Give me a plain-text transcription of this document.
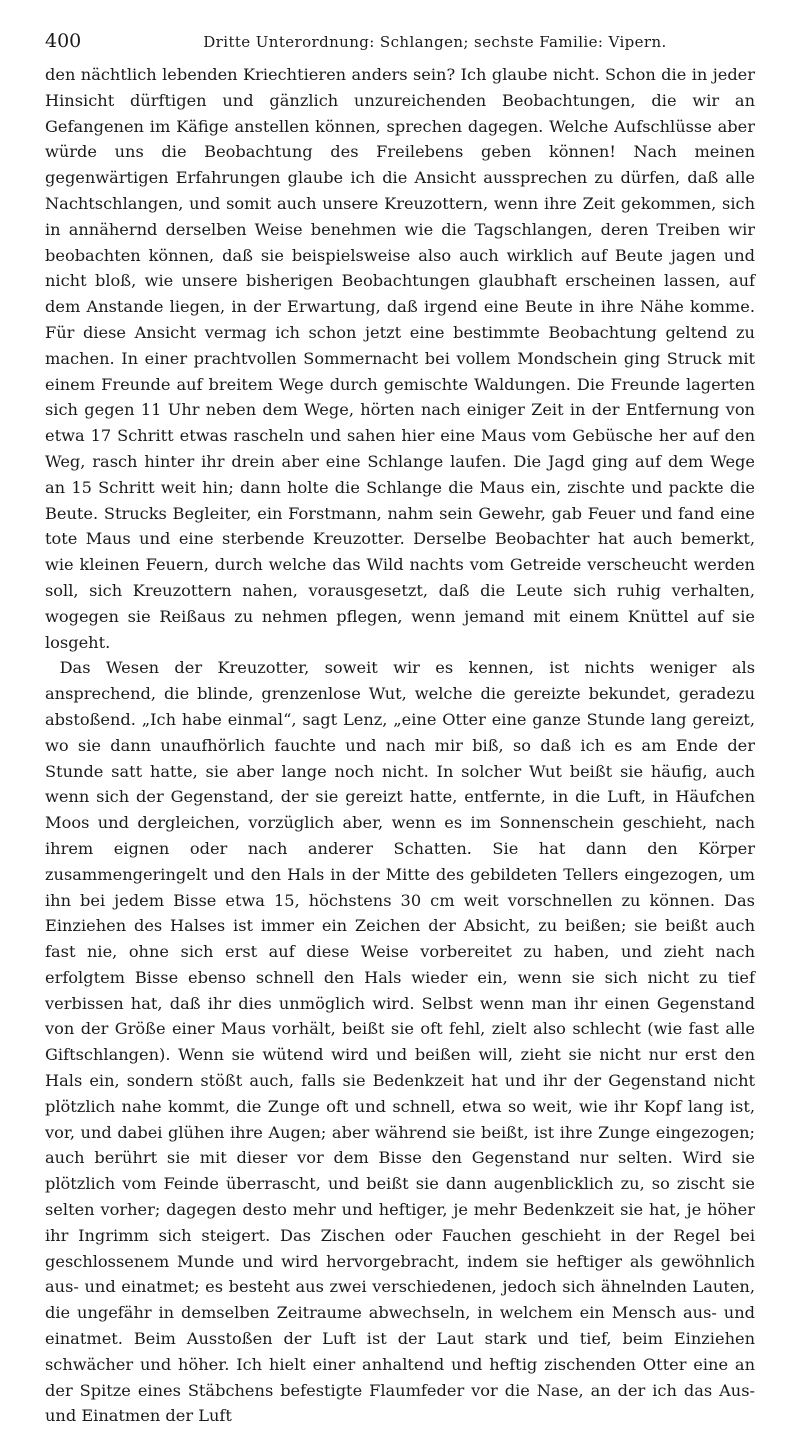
400	Dritte Unterordnung: Schlangen; sechste Familie: Vipern.

den nächtlich lebenden Kriechtieren anders sein? Ich glaube nicht. Schon die in jeder Hinsicht dürftigen und gänzlich unzureichenden Beobachtungen, die wir an Gefangenen im Käfige anstellen können, sprechen dagegen. Welche Aufschlüsse aber würde uns die Beobachtung des Freilebens geben können! Nach meinen gegenwärtigen Erfahrungen glaube ich die Ansicht aussprechen zu dürfen, daß alle Nachtschlangen, und somit auch unsere Kreuzottern, wenn ihre Zeit gekommen, sich in annähernd derselben Weise benehmen wie die Tagschlangen, deren Treiben wir beobachten können, daß sie beispielsweise also auch wirklich auf Beute jagen und nicht bloß, wie unsere bisherigen Beobachtungen glaubhaft erscheinen lassen, auf dem Anstande liegen, in der Erwartung, daß irgend eine Beute in ihre Nähe komme. Für diese Ansicht vermag ich schon jetzt eine bestimmte Beobachtung geltend zu machen. In einer prachtvollen Sommernacht bei vollem Mondschein ging Struck mit einem Freunde auf breitem Wege durch gemischte Waldungen. Die Freunde lagerten sich gegen 11 Uhr neben dem Wege, hörten nach einiger Zeit in der Entfernung von etwa 17 Schritt etwas rascheln und sahen hier eine Maus vom Gebüsche her auf den Weg, rasch hinter ihr drein aber eine Schlange laufen. Die Jagd ging auf dem Wege an 15 Schritt weit hin; dann holte die Schlange die Maus ein, zischte und packte die Beute. Strucks Begleiter, ein Forstmann, nahm sein Gewehr, gab Feuer und fand eine tote Maus und eine sterbende Kreuzotter. Derselbe Beobachter hat auch bemerkt, wie kleinen Feuern, durch welche das Wild nachts vom Getreide verscheucht werden soll, sich Kreuzottern nahen, vorausgesetzt, daß die Leute sich ruhig verhalten, wogegen sie Reißaus zu nehmen pflegen, wenn jemand mit einem Knüttel auf sie losgeht.

Das Wesen der Kreuzotter, soweit wir es kennen, ist nichts weniger als ansprechend, die blinde, grenzenlose Wut, welche die gereizte bekundet, geradezu abstoßend. „Ich habe einmal“, sagt Lenz, „eine Otter eine ganze Stunde lang gereizt, wo sie dann unaufhörlich fauchte und nach mir biß, so daß ich es am Ende der Stunde satt hatte, sie aber lange noch nicht. In solcher Wut beißt sie häufig, auch wenn sich der Gegenstand, der sie gereizt hatte, entfernte, in die Luft, in Häufchen Moos und dergleichen, vorzüglich aber, wenn es im Sonnenschein geschieht, nach ihrem eignen oder nach anderer Schatten. Sie hat dann den Körper zusammengeringelt und den Hals in der Mitte des gebildeten Tellers eingezogen, um ihn bei jedem Bisse etwa 15, höchstens 30 cm weit vorschnellen zu können. Das Einziehen des Halses ist immer ein Zeichen der Absicht, zu beißen; sie beißt auch fast nie, ohne sich erst auf diese Weise vorbereitet zu haben, und zieht nach erfolgtem Bisse ebenso schnell den Hals wieder ein, wenn sie sich nicht zu tief verbissen hat, daß ihr dies unmöglich wird. Selbst wenn man ihr einen Gegenstand von der Größe einer Maus vorhält, beißt sie oft fehl, zielt also schlecht (wie fast alle Giftschlangen). Wenn sie wütend wird und beißen will, zieht sie nicht nur erst den Hals ein, sondern stößt auch, falls sie Bedenkzeit hat und ihr der Gegenstand nicht plötzlich nahe kommt, die Zunge oft und schnell, etwa so weit, wie ihr Kopf lang ist, vor, und dabei glühen ihre Augen; aber während sie beißt, ist ihre Zunge eingezogen; auch berührt sie mit dieser vor dem Bisse den Gegenstand nur selten. Wird sie plötzlich vom Feinde überrascht, und beißt sie dann augenblicklich zu, so zischt sie selten vorher; dagegen desto mehr und heftiger, je mehr Bedenkzeit sie hat, je höher ihr Ingrimm sich steigert. Das Zischen oder Fauchen geschieht in der Regel bei geschlossenem Munde und wird hervorgebracht, indem sie heftiger als gewöhnlich aus- und einatmet; es besteht aus zwei verschiedenen, jedoch sich ähnelnden Lauten, die ungefähr in demselben Zeitraume abwechseln, in welchem ein Mensch aus- und einatmet. Beim Ausstoßen der Luft ist der Laut stark und tief, beim Einziehen schwächer und höher. Ich hielt einer anhaltend und heftig zischenden Otter eine an der Spitze eines Stäbchens befestigte Flaumfeder vor die Nase, an der ich das Aus- und Einatmen der Luft
